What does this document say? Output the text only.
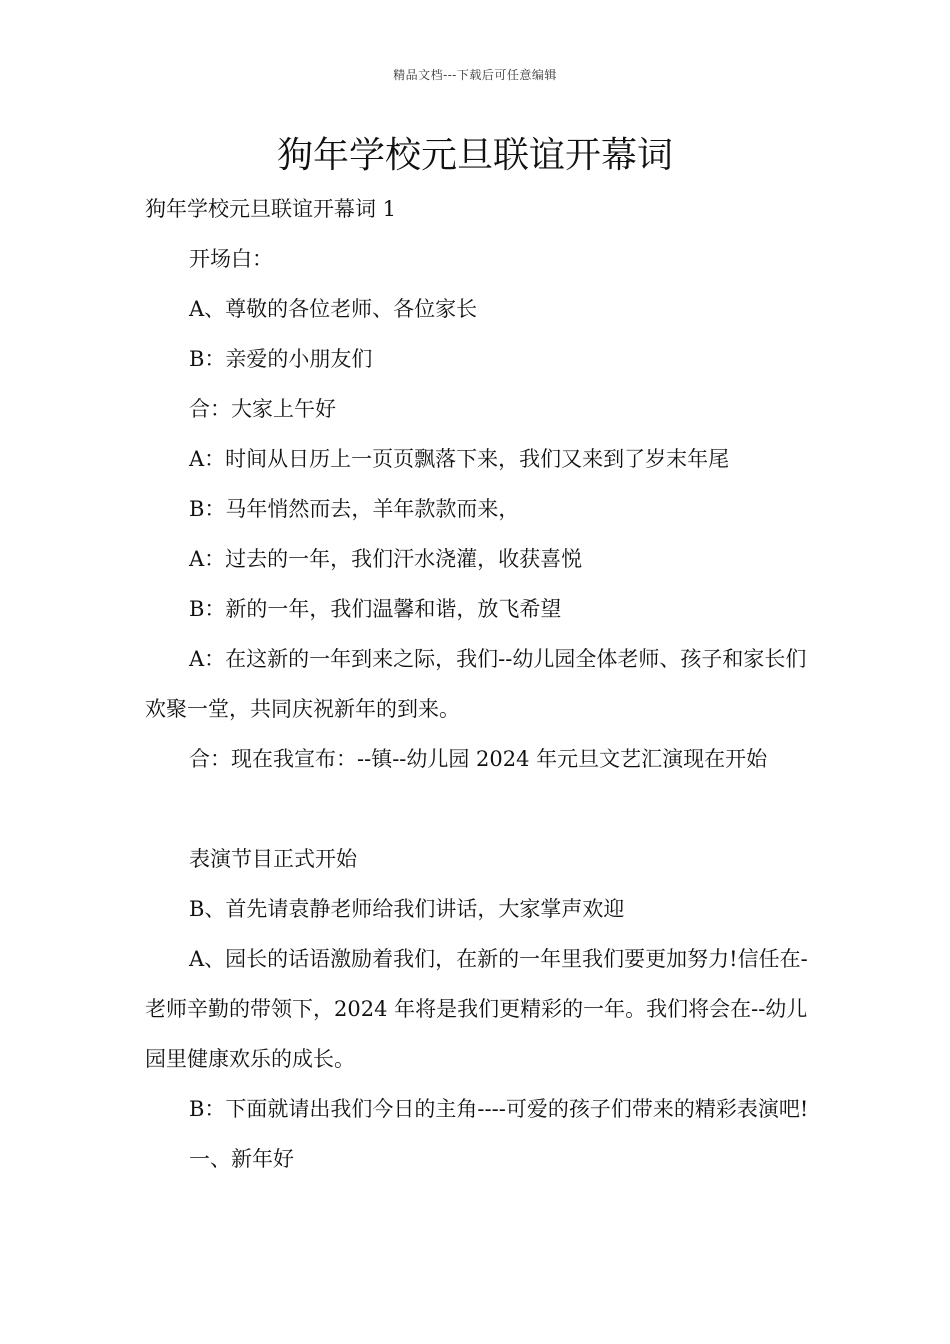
精品文档---下载后可任意编辑
狗年学校元旦联谊开幕词

狗年学校元旦联谊开幕词 1

开场白：

A、尊敬的各位老师、各位家长

B：亲爱的小朋友们

合：大家上午好

A：时间从日历上一页页飘落下来，我们又来到了岁末年尾

B：马年悄然而去，羊年款款而来，

A：过去的一年，我们汗水浇灌，收获喜悦

B：新的一年，我们温馨和谐，放飞希望

A：在这新的一年到来之际，我们--幼儿园全体老师、孩子和家长们欢聚一堂，共同庆祝新年的到来。

合：现在我宣布：--镇--幼儿园 2024 年元旦文艺汇演现在开始

表演节目正式开始

B、首先请袁静老师给我们讲话，大家掌声欢迎

A、园长的话语激励着我们，在新的一年里我们要更加努力!信任在-老师辛勤的带领下，2024 年将是我们更精彩的一年。我们将会在--幼儿园里健康欢乐的成长。

B：下面就请出我们今日的主角----可爱的孩子们带来的精彩表演吧!

一、新年好
